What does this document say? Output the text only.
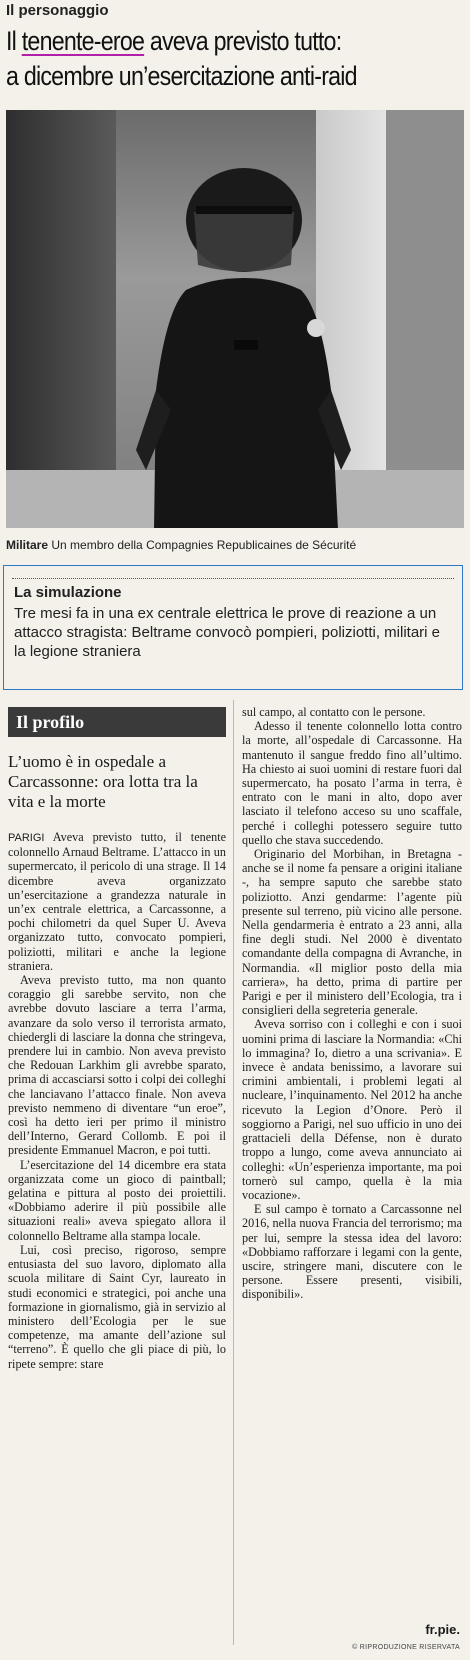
Il personaggio
Il tenente-eroe aveva previsto tutto:
a dicembre un’esercitazione anti-raid
Militare Un membro della Compagnies Republicaines de Sécurité
La simulazione
Tre mesi fa in una ex centrale elettrica le prove di reazione a un attacco stragista: Beltrame convocò pompieri, poliziotti, militari e la legione straniera
Il profilo
L’uomo è in ospedale a Carcassonne: ora lotta tra la vita e la morte

PARIGI Aveva previsto tutto, il tenente colonnello Arnaud Beltrame. L’attacco in un supermercato, il pericolo di una strage. Il 14 dicembre aveva organizzato un’esercitazione a grandezza naturale in un’ex centrale elettrica, a Carcassonne, a pochi chilometri da quel Super U. Aveva organizzato tutto, convocato pompieri, poliziotti, militari e anche la legione straniera.

Aveva previsto tutto, ma non quanto coraggio gli sarebbe servito, non che avrebbe dovuto lasciare a terra l’arma, avanzare da solo verso il terrorista armato, chiedergli di lasciare la donna che stringeva, prendere lui in cambio. Non aveva previsto che Redouan Larkhim gli avrebbe sparato, prima di accasciarsi sotto i colpi dei colleghi che lanciavano l’attacco finale. Non aveva previsto nemmeno di diventare “un eroe”, così ha detto ieri per primo il ministro dell’Interno, Gerard Collomb. E poi il presidente Emmanuel Macron, e poi tutti.

L’esercitazione del 14 dicembre era stata organizzata come un gioco di paintball; gelatina e pittura al posto dei proiettili. «Dobbiamo aderire il più possibile alle situazioni reali» aveva spiegato allora il colonnello Beltrame alla stampa locale.

Lui, così preciso, rigoroso, sempre entusiasta del suo lavoro, diplomato alla scuola militare di Saint Cyr, laureato in studi economici e strategici, poi anche una formazione in giornalismo, già in servizio al ministero dell’Ecologia per le sue competenze, ma amante dell’azione sul “terreno”. È quello che gli piace di più, lo ripete sempre: stare

sul campo, al contatto con le persone.

Adesso il tenente colonnello lotta contro la morte, all’ospedale di Carcassonne. Ha mantenuto il sangue freddo fino all’ultimo. Ha chiesto ai suoi uomini di restare fuori dal supermercato, ha posato l’arma in terra, è entrato con le mani in alto, dopo aver lasciato il telefono acceso su uno scaffale, perché i colleghi potessero seguire tutto quello che stava succedendo.

Originario del Morbihan, in Bretagna - anche se il nome fa pensare a origini italiane -, ha sempre saputo che sarebbe stato poliziotto. Anzi gendarme: l’agente più presente sul terreno, più vicino alle persone. Nella gendarmeria è entrato a 23 anni, alla fine degli studi. Nel 2000 è diventato comandante della compagna di Avranche, in Normandia. «Il miglior posto della mia carriera», ha detto, prima di partire per Parigi e per il ministero dell’Ecologia, tra i consiglieri della segreteria generale.

Aveva sorriso con i colleghi e con i suoi uomini prima di lasciare la Normandia: «Chi lo immagina? Io, dietro a una scrivania». E invece è andata benissimo, a lavorare sui crimini ambientali, i problemi legati al nucleare, l’inquinamento. Nel 2012 ha anche ricevuto la Legion d’Onore. Però il soggiorno a Parigi, nel suo ufficio in uno dei grattacieli della Défense, non è durato troppo a lungo, come aveva annunciato ai colleghi: «Un’esperienza importante, ma poi tornerò sul campo, quella è la mia vocazione».

E sul campo è tornato a Carcassonne nel 2016, nella nuova Francia del terrorismo; ma per lui, sempre la stessa idea del lavoro: «Dobbiamo rafforzare i legami con la gente, uscire, stringere mani, discutere con le persone. Essere presenti, visibili, disponibili».

fr.pie.
© RIPRODUZIONE RISERVATA
